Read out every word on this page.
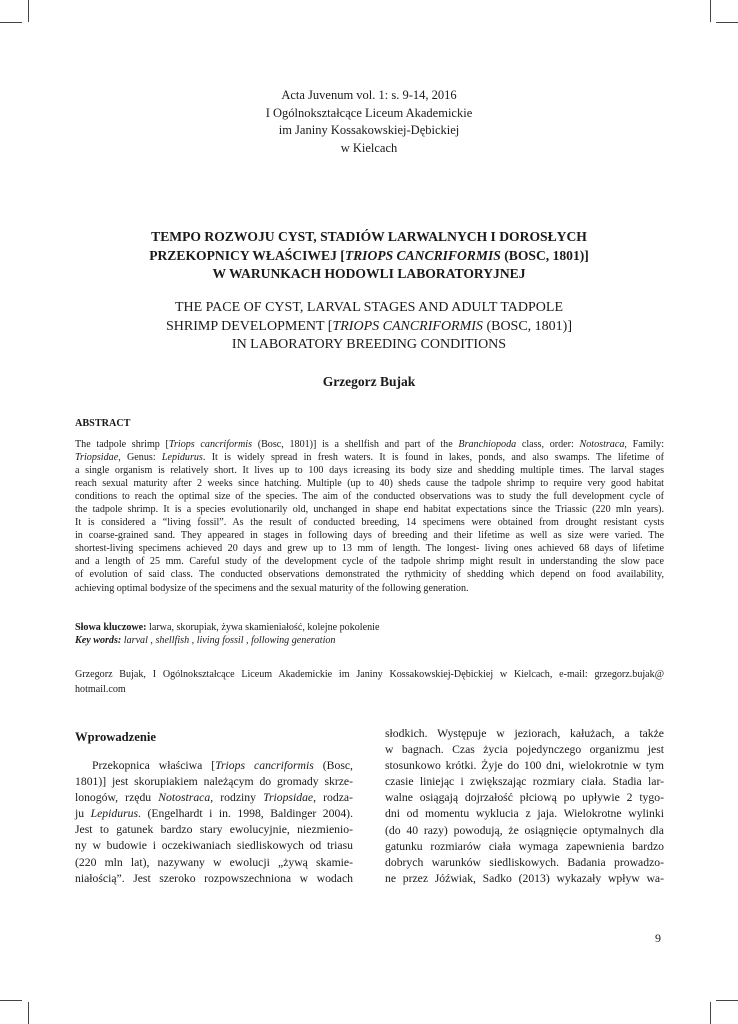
Acta Juvenum vol. 1: s. 9-14, 2016
I Ogólnokształcące Liceum Akademickie
im Janiny Kossakowskiej-Dębickiej
w Kielcach
TEMPO ROZWOJU CYST, STADIÓW LARWALNYCH I DOROSŁYCH
PRZEKOPNICY WŁAŚCIWEJ [TRIOPS CANCRIFORMIS (BOSC, 1801)]
W WARUNKACH HODOWLI LABORATORYJNEJ
THE PACE OF CYST, LARVAL STAGES AND ADULT TADPOLE
SHRIMP DEVELOPMENT [TRIOPS CANCRIFORMIS (BOSC, 1801)]
IN LABORATORY BREEDING CONDITIONS
Grzegorz Bujak
ABSTRACT
The tadpole shrimp [Triops cancriformis (Bosc, 1801)] is a shellfish and part of the Branchiopoda class, order: Notostraca, Family:
Triopsidae, Genus: Lepidurus. It is widely spread in fresh waters. It is found in lakes, ponds, and also swamps. The lifetime of
a single organism is relatively short. It lives up to 100 days icreasing its body size and shedding multiple times. The larval stages
reach sexual maturity after 2 weeks since hatching. Multiple (up to 40) sheds cause the tadpole shrimp to require very good habitat
conditions to reach the optimal size of the species. The aim of the conducted observations was to study the full development cycle of
the tadpole shrimp. It is a species evolutionarily old, unchanged in shape end habitat expectations since the Triassic (220 mln years).
It is considered a “living fossil”. As the result of conducted breeding, 14 specimens were obtained from drought resistant cysts
in coarse-grained sand. They appeared in stages in following days of breeding and their lifetime as well as size were varied. The
shortest-living specimens achieved 20 days and grew up to 13 mm of length. The longest- living ones achieved 68 days of lifetime
and a length of 25 mm. Careful study of the development cycle of the tadpole shrimp might result in understanding the slow pace
of evolution of said class. The conducted observations demonstrated the rythmicity of shedding which depend on food availability,
achieving optimal bodysize of the specimens and the sexual maturity of the following generation.
Słowa kluczowe: larwa, skorupiak, żywa skamieniałość, kolejne pokolenie
Key words: larval , shellfish , living fossil , following generation
Grzegorz Bujak, I Ogólnokształcące Liceum Akademickie im Janiny Kossakowskiej-Dębickiej w Kielcach, e-mail: grzegorz.bujak@
hotmail.com
Wprowadzenie
Przekopnica właściwa [Triops cancriformis (Bosc,
1801)] jest skorupiakiem należącym do gromady skrze-
lonogów, rzędu Notostraca, rodziny Triopsidae, rodza-
ju Lepidurus. (Engelhardt i in. 1998, Baldinger 2004).
Jest to gatunek bardzo stary ewolucyjnie, niezmienio-
ny w budowie i oczekiwaniach siedliskowych od triasu
(220 mln lat), nazywany w ewolucji „żywą skamie-
niałością”. Jest szeroko rozpowszechniona w wodach
słodkich. Występuje w jeziorach, kałużach, a także
w bagnach. Czas życia pojedynczego organizmu jest
stosunkowo krótki. Żyje do 100 dni, wielokrotnie w tym
czasie liniejąc i zwiększając rozmiary ciała. Stadia lar-
walne osiągają dojrzałość płciową po upływie 2 tygo-
dni od momentu wyklucia z jaja. Wielokrotne wylinki
(do 40 razy) powodują, że osiągnięcie optymalnych dla
gatunku rozmiarów ciała wymaga zapewnienia bardzo
dobrych warunków siedliskowych. Badania prowadzo-
ne przez Jóźwiak, Sadko (2013) wykazały wpływ wa-
9
